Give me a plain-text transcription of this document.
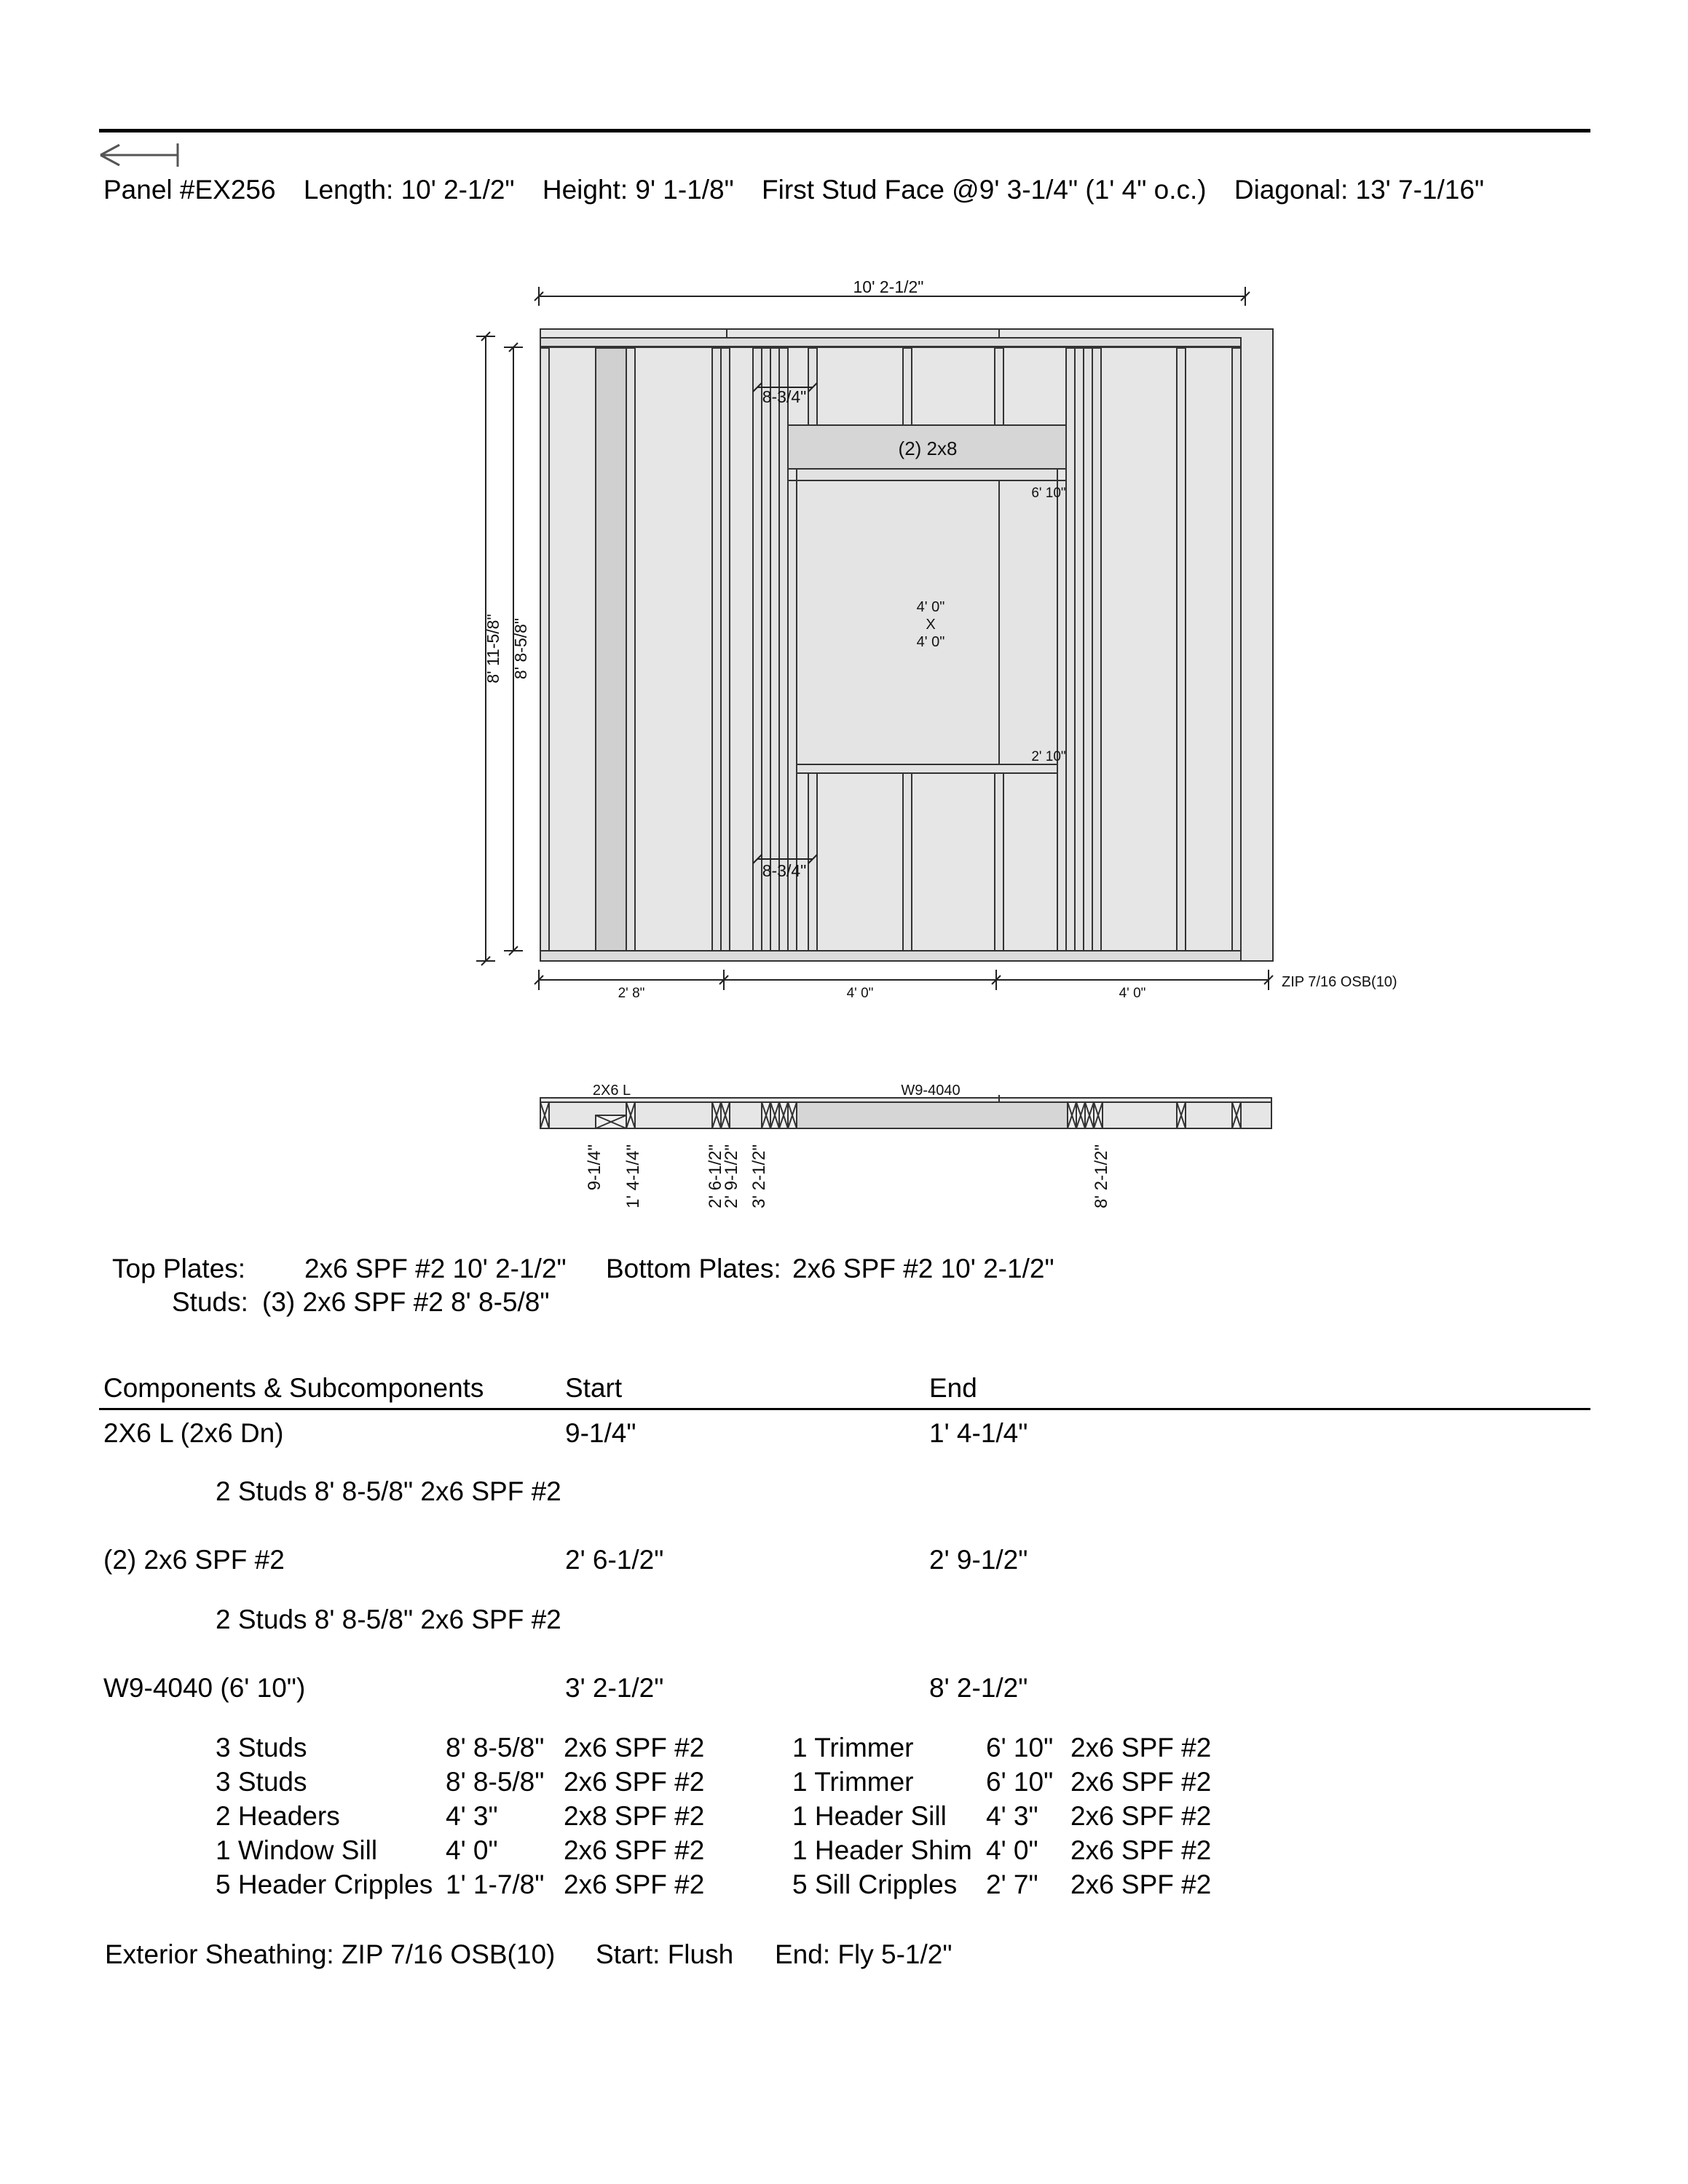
Panel #EX256 Length: 10' 2-1/2" Height: 9' 1-1/8" First Stud Face @9' 3-1/4" (1' 4" o.c.) Diagonal: 13' 7-1/16"
10' 2-1/2"
8' 11-5/8" 8' 8-5/8"
8-3/4"
8-3/4"
(2) 2x8
6' 10"
4' 0"
X
4' 0"
2' 10"
2' 8"	4' 0"	4' 0"
ZIP 7/16 OSB(10)
2X6 L	W9-4040
9-1/4" 1' 4-1/4"	2' 6-1/2"
2' 9-1/2" 3' 2-1/2"	8' 2-1/2"
Top Plates: 2x6 SPF #2 10' 2-1/2" Bottom Plates: 2x6 SPF #2 10' 2-1/2"
Studs: (3) 2x6 SPF #2 8' 8-5/8"
Components & Subcomponents	Start	End
2X6 L (2x6 Dn)	9-1/4"	1' 4-1/4"
2 Studs 8' 8-5/8" 2x6 SPF #2
(2) 2x6 SPF #2	2' 6-1/2"	2' 9-1/2"
2 Studs 8' 8-5/8" 2x6 SPF #2
W9-4040 (6' 10")	3' 2-1/2"	8' 2-1/2"
3 Studs	8' 8-5/8" 2x6 SPF #2	1 Trimmer	6' 10" 2x6 SPF #2
3 Studs	8' 8-5/8" 2x6 SPF #2	1 Trimmer	6' 10" 2x6 SPF #2
2 Headers	4' 3" 2x8 SPF #2	1 Header Sill 4' 3" 2x6 SPF #2
1 Window Sill	4' 0" 2x6 SPF #2	1 Header Shim 4' 0" 2x6 SPF #2
5 Header Cripples 1' 1-7/8" 2x6 SPF #2	5 Sill Cripples 2' 7" 2x6 SPF #2
Exterior Sheathing: ZIP 7/16 OSB(10) Start: Flush End: Fly 5-1/2"
